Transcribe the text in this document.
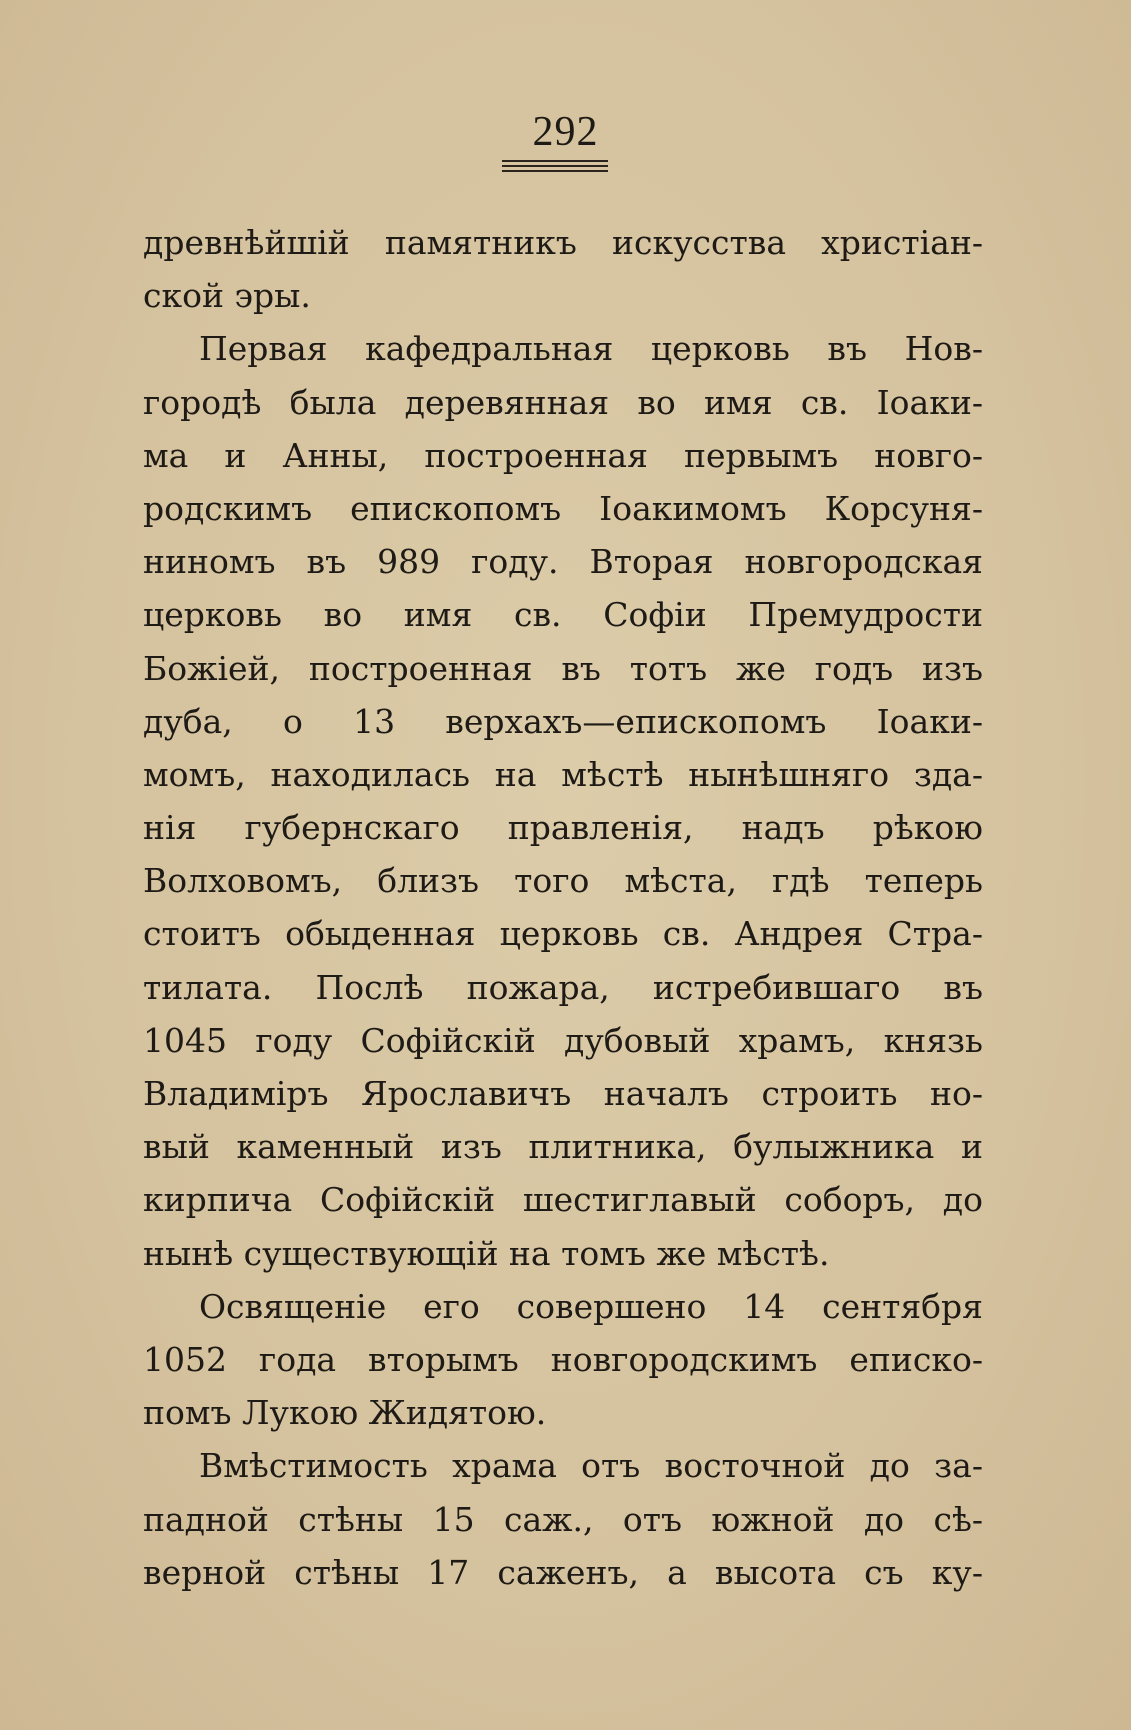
292
древнѣйшій памятникъ искусства христіан-
ской эры.
Первая кафедральная церковь въ Нов-
городѣ была деревянная во имя св. Іоаки-
ма и Анны, построенная первымъ новго-
родскимъ епископомъ Іоакимомъ Корсуня-
ниномъ въ 989 году. Вторая новгородская
церковь во имя св. Софіи Премудрости
Божіей, построенная въ тотъ же годъ изъ
дуба, о 13 верхахъ—епископомъ Іоаки-
момъ, находилась на мѣстѣ нынѣшняго зда-
нія губернскаго правленія, надъ рѣкою
Волховомъ, близъ того мѣста, гдѣ теперь
стоитъ обыденная церковь св. Андрея Стра-
тилата. Послѣ пожара, истребившаго въ
1045 году Софійскій дубовый храмъ, князь
Владиміръ Ярославичъ началъ строить но-
вый каменный изъ плитника, булыжника и
кирпича Софійскій шестиглавый соборъ, до
нынѣ существующій на томъ же мѣстѣ.
Освященіе его совершено 14 сентября
1052 года вторымъ новгородскимъ еписко-
помъ Лукою Жидятою.
Вмѣстимость храма отъ восточной до за-
падной стѣны 15 саж., отъ южной до сѣ-
верной стѣны 17 саженъ, а высота съ ку-
